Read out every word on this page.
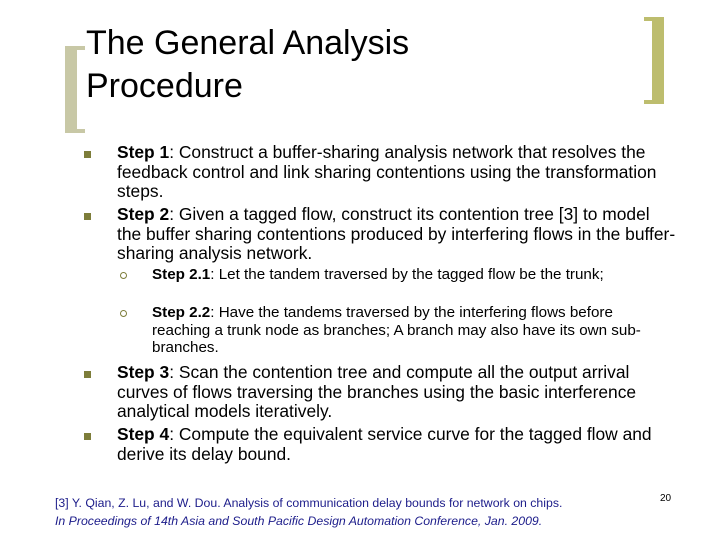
The General Analysis
Procedure
Step 1: Construct a buffer-sharing analysis network that resolves the feedback control and link sharing contentions using the transformation steps.
Step 2: Given a tagged flow, construct its contention tree [3] to model the buffer sharing contentions produced by interfering flows in the buffer-sharing analysis network.
Step 2.1: Let the tandem traversed by the tagged flow be the trunk;
Step 2.2: Have the tandems traversed by the interfering flows before reaching a trunk node as branches; A branch may also have its own sub-branches.
Step 3: Scan the contention tree and compute all the output arrival curves of flows traversing the branches using the basic interference analytical models iteratively.
Step 4: Compute the equivalent service curve for the tagged flow and derive its delay bound.
[3] Y. Qian, Z. Lu, and W. Dou. Analysis of communication delay bounds for network on chips.
In Proceedings of 14th Asia and South Pacific Design Automation Conference, Jan. 2009.
20
